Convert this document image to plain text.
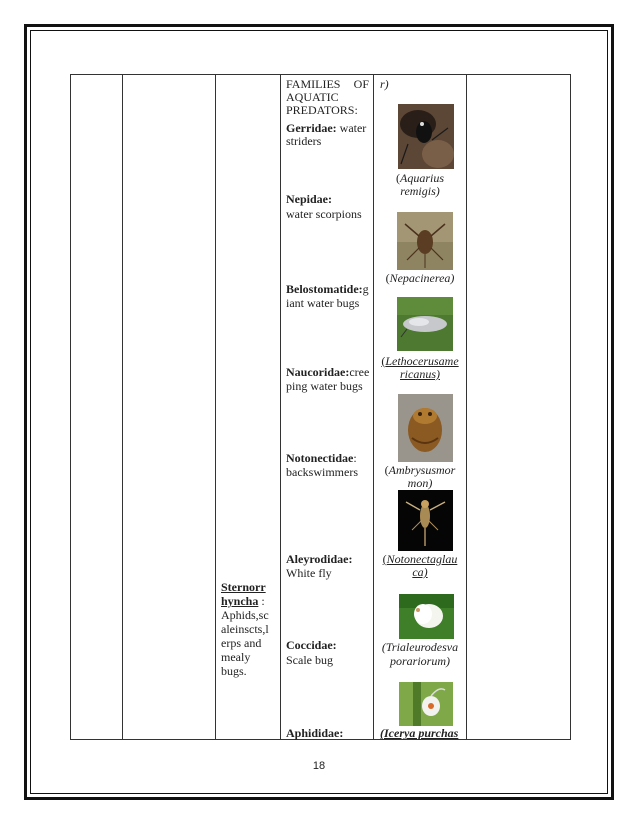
Sternorr
hyncha :
Aphids,sc
aleinscts,l
erps and
mealy
bugs.

FAMILIES OF
AQUATIC
PREDATORS:
Gerridae: water
striders
Nepidae:
water scorpions
Belostomatide:g
iant water bugs
Naucoridae:cree
ping water bugs
Notonectidae:
backswimmers
Aleyrodidae:
White fly
Coccidae:
Scale bug
Aphididae:

r)
(Aquarius
remigis)
(Nepacinerea)
(Lethocerusame
ricanus)
(Ambrysusmor
mon)
(Notonectaglau
ca)
(Trialeurodesva
porariorum)
(Icerya purchas

18
